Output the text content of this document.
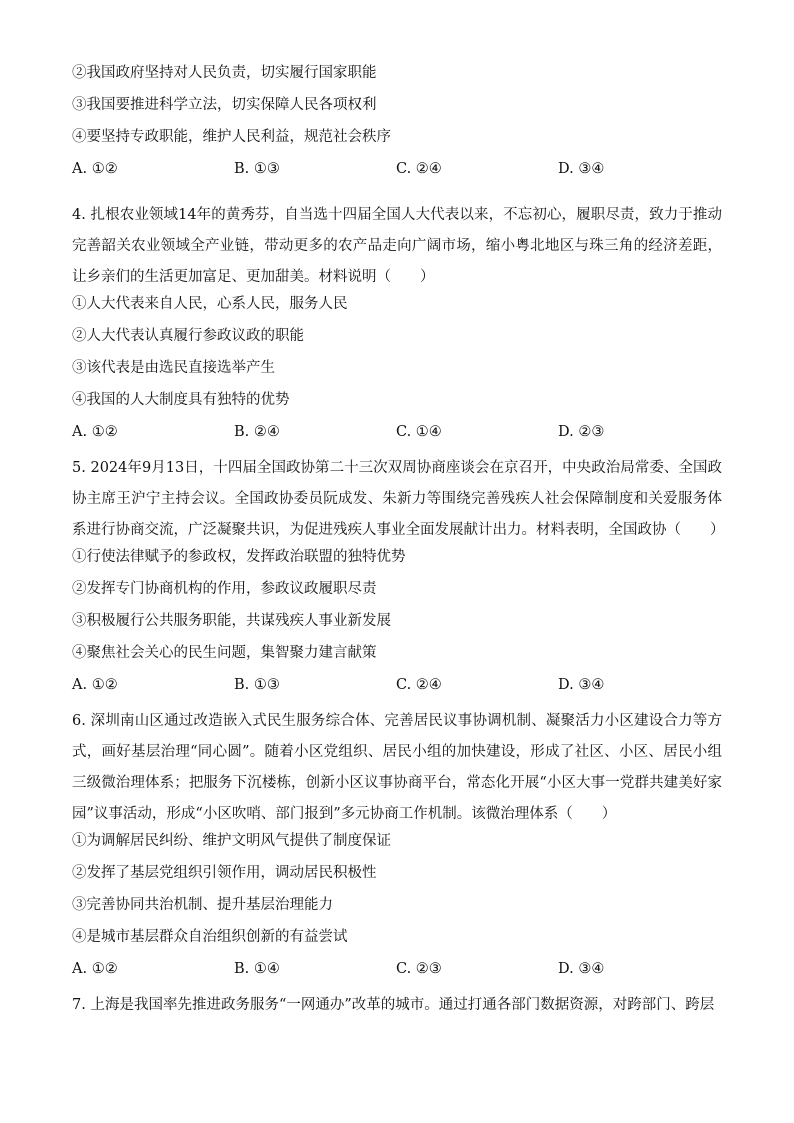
②我国政府坚持对人民负责，切实履行国家职能
③我国要推进科学立法，切实保障人民各项权利
④要坚持专政职能，维护人民利益，规范社会秩序
A. ①②	B. ①③	C. ②④	D. ③④
4. 扎根农业领域14年的黄秀芬，自当选十四届全国人大代表以来，不忘初心，履职尽责，致力于推动完善韶关农业领域全产业链，带动更多的农产品走向广阔市场，缩小粤北地区与珠三角的经济差距，让乡亲们的生活更加富足、更加甜美。材料说明（　　）
①人大代表来自人民，心系人民，服务人民
②人大代表认真履行参政议政的职能
③该代表是由选民直接选举产生
④我国的人大制度具有独特的优势
A. ①②	B. ②④	C. ①④	D. ②③
5. 2024年9月13日，十四届全国政协第二十三次双周协商座谈会在京召开，中央政治局常委、全国政协主席王沪宁主持会议。全国政协委员阮成发、朱新力等围绕完善残疾人社会保障制度和关爱服务体系进行协商交流，广泛凝聚共识，为促进残疾人事业全面发展献计出力。材料表明，全国政协（　　）
①行使法律赋予的参政权，发挥政治联盟的独特优势
②发挥专门协商机构的作用，参政议政履职尽责
③积极履行公共服务职能，共谋残疾人事业新发展
④聚焦社会关心的民生问题，集智聚力建言献策
A. ①②	B. ①③	C. ②④	D. ③④
6. 深圳南山区通过改造嵌入式民生服务综合体、完善居民议事协调机制、凝聚活力小区建设合力等方式，画好基层治理“同心圆”。随着小区党组织、居民小组的加快建设，形成了社区、小区、居民小组三级微治理体系；把服务下沉楼栋，创新小区议事协商平台，常态化开展“小区大事一党群共建美好家园”议事活动，形成“小区吹哨、部门报到”多元协商工作机制。该微治理体系（　　）
①为调解居民纠纷、维护文明风气提供了制度保证
②发挥了基层党组织引领作用，调动居民积极性
③完善协同共治机制、提升基层治理能力
④是城市基层群众自治组织创新的有益尝试
A. ①②	B. ①④	C. ②③	D. ③④
7. 上海是我国率先推进政务服务“一网通办”改革的城市。通过打通各部门数据资源，对跨部门、跨层
